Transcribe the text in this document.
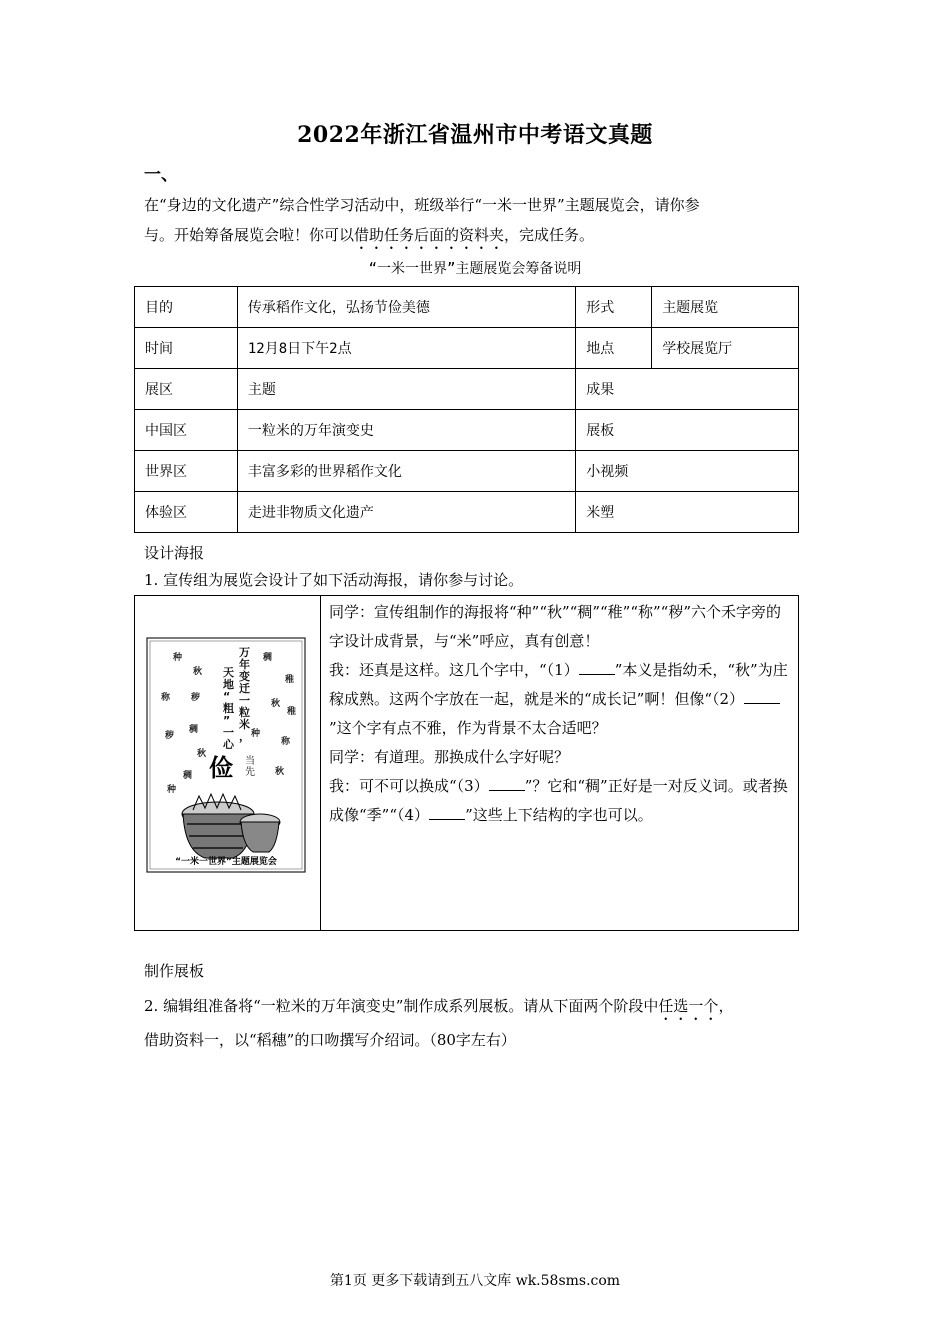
2022年浙江省温州市中考语文真题
一、
在“身边的文化遗产”综合性学习活动中，班级举行“一米一世界”主题展览会，请你参
与。开始筹备展览会啦！你可以借助任务后面的资料夹，完成任务。
“一米一世界”主题展览会筹备说明
目的	传承稻作文化，弘扬节俭美德	形式	主题展览
时间	12月8日下午2点	地点	学校展览厅
展区	主题	成果	
中国区	一粒米的万年演变史	展板	
世界区	丰富多彩的世界稻作文化	小视频	
体验区	走进非物质文化遗产	米塑	
设计海报
1. 宣传组为展览会设计了如下活动海报，请你参与讨论。
万年变迁一粒米，
天地“粗”一心
俭 当先
种
秋
稠
稚
称 秽
秋
稚
秽
稠	种
称
秋
稠	秋
种
“一米一世界”主题展览会

同学：宣传组制作的海报将“种”“秋”“稠”“稚”“称”“秽”六个禾字旁的字设计成背景，与“米”呼应，真有创意！

我：还真是这样。这几个字中，“（1） ”本义是指幼禾，“秋”为庄稼成熟。这两个字放在一起，就是米的“成长记”啊！但像“（2）”这个字有点不雅，作为背景不太合适吧？

同学：有道理。那换成什么字好呢？

我：可不可以换成“（3） ”？它和“稠”正好是一对反义词。或者换成像“季”“（4） ”这些上下结构的字也可以。

制作展板
2. 编辑组准备将“一粒米的万年演变史”制作成系列展板。请从下面两个阶段中任选一个，
借助资料一，以“稻穗”的口吻撰写介绍词。（80字左右）
第1页 更多下载请到五八文库 wk.58sms.com
